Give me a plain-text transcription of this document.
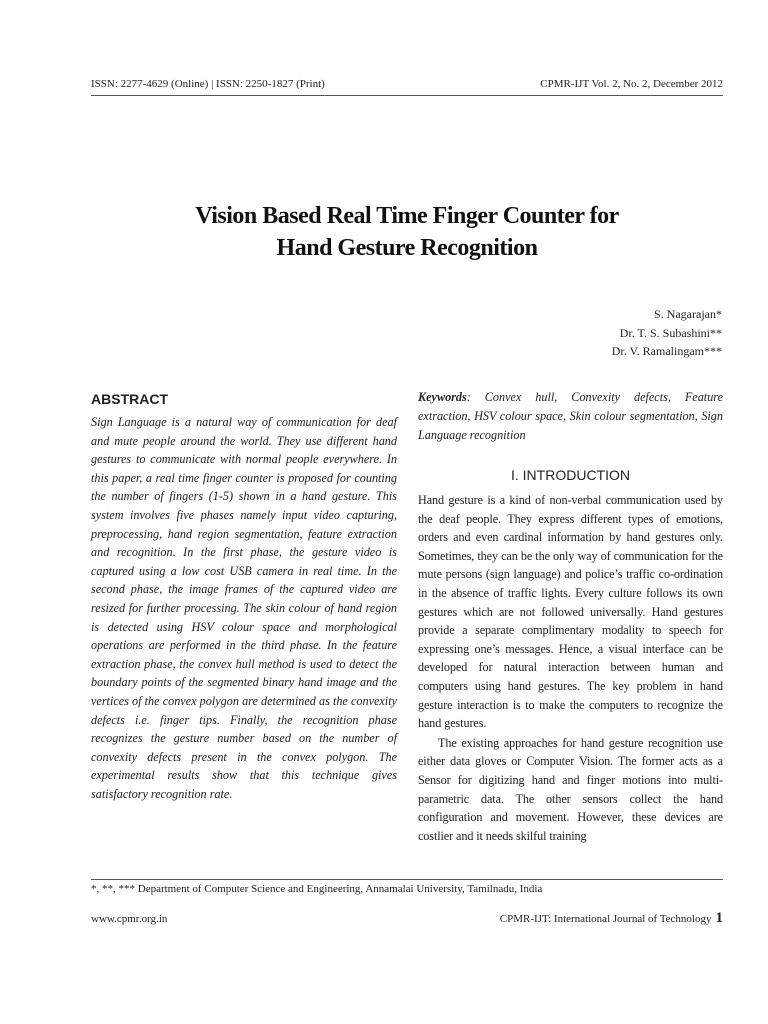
ISSN: 2277-4629 (Online) | ISSN: 2250-1827 (Print)	CPMR-IJT Vol. 2, No. 2, December 2012
Vision Based Real Time Finger Counter for
Hand Gesture Recognition
S. Nagarajan*
Dr. T. S. Subashini**
Dr. V. Ramalingam***
ABSTRACT

Sign Language is a natural way of communication for deaf and mute people around the world. They use different hand gestures to communicate with normal people everywhere. In this paper, a real time finger counter is proposed for counting the number of fingers (1-5) shown in a hand gesture. This system involves five phases namely input video capturing, preprocessing, hand region segmentation, feature extraction and recognition. In the first phase, the gesture video is captured using a low cost USB camera in real time. In the second phase, the image frames of the captured video are resized for further processing. The skin colour of hand region is detected using HSV colour space and morphological operations are performed in the third phase. In the feature extraction phase, the convex hull method is used to detect the boundary points of the segmented binary hand image and the vertices of the convex polygon are determined as the convexity defects i.e. finger tips. Finally, the recognition phase recognizes the gesture number based on the number of convexity defects present in the convex polygon. The experimental results show that this technique gives satisfactory recognition rate.

Keywords: Convex hull, Convexity defects, Feature extraction, HSV colour space, Skin colour segmentation, Sign Language recognition

I. INTRODUCTION

Hand gesture is a kind of non-verbal communication used by the deaf people. They express different types of emotions, orders and even cardinal information by hand gestures only. Sometimes, they can be the only way of communication for the mute persons (sign language) and police’s traffic co-ordination in the absence of traffic lights. Every culture follows its own gestures which are not followed universally. Hand gestures provide a separate complimentary modality to speech for expressing one’s messages. Hence, a visual interface can be developed for natural interaction between human and computers using hand gestures. The key problem in hand gesture interaction is to make the computers to recognize the hand gestures.

The existing approaches for hand gesture recognition use either data gloves or Computer Vision. The former acts as a Sensor for digitizing hand and finger motions into multi-parametric data. The other sensors collect the hand configuration and movement. However, these devices are costlier and it needs skilful training

*, **, *** Department of Computer Science and Engineering, Annamalai University, Tamilnadu, India
www.cpmr.org.in	CPMR-IJT: International Journal of Technology 1
